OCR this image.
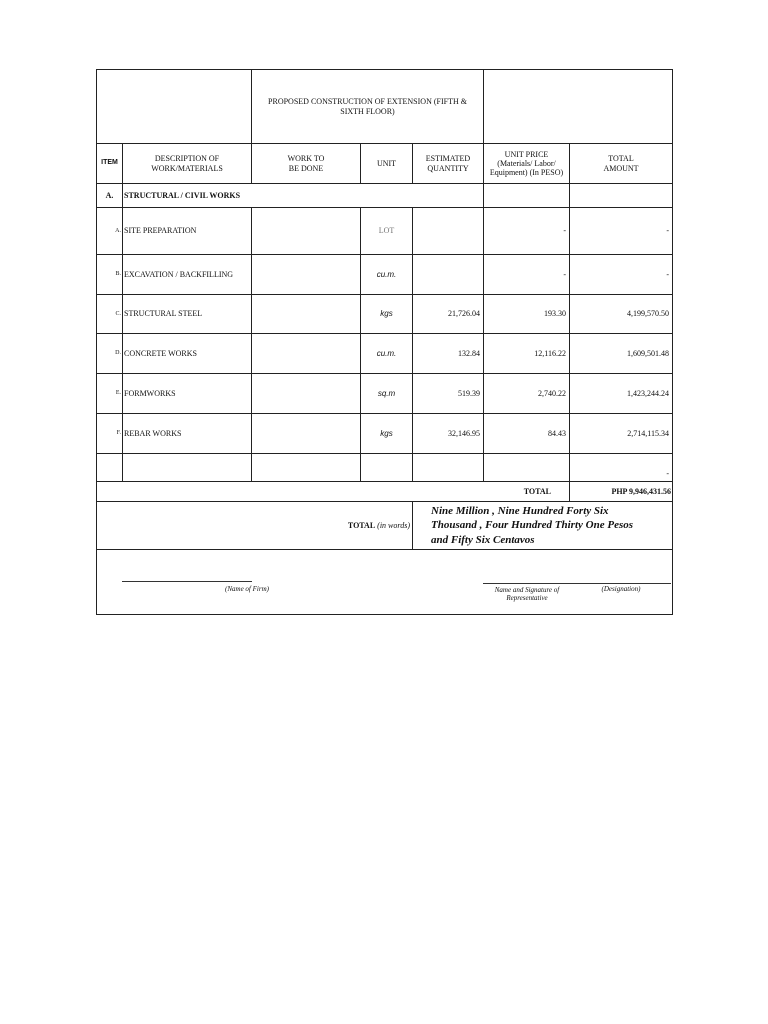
		PROPOSED CONSTRUCTION OF EXTENSION (FIFTH & SIXTH FLOOR)				
ITEM	DESCRIPTION OF WORK/MATERIALS	WORK TO BE DONE	UNIT	ESTIMATED QUANTITY	UNIT PRICE (Materials/ Labor/ Equipment) (In PESO)	TOTAL AMOUNT
A.	STRUCTURAL / CIVIL WORKS					
A.	SITE PREPARATION		LOT		-	-
B.	EXCAVATION / BACKFILLING		cu.m.		-	-
C.	STRUCTURAL STEEL		kgs	21,726.04	193.30	4,199,570.50
D.	CONCRETE WORKS		cu.m.	132.84	12,116.22	1,609,501.48
E.	FORMWORKS		sq.m	519.39	2,740.22	1,423,244.24
F.	REBAR WORKS		kgs	32,146.95	84.43	2,714,115.34
						-
TOTAL						PHP 9,946,431.56
TOTAL (in words)				Nine Million , Nine Hundred Forty Six Thousand , Four Hundred Thirty One Pesos and Fifty Six Centavos		

(Name of Firm) Name and Signature of Representative
(Designation)						
